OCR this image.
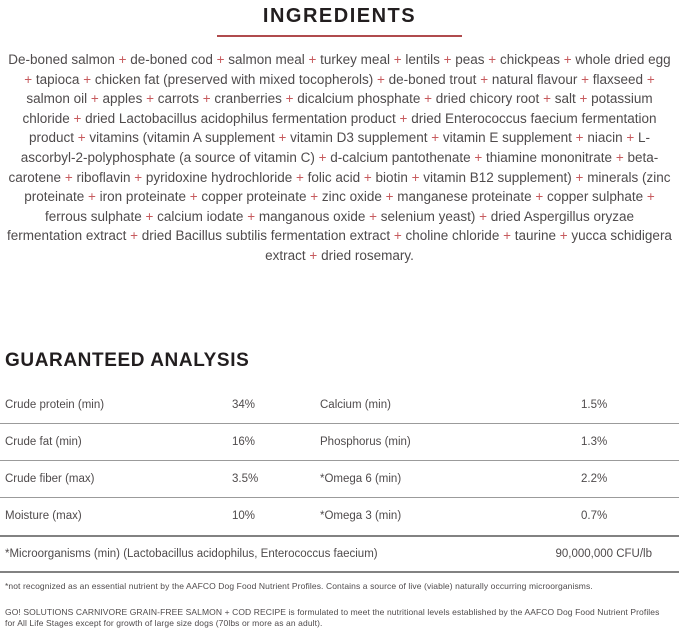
INGREDIENTS

De-boned salmon + de-boned cod + salmon meal + turkey meal + lentils + peas + chickpeas + whole dried egg + tapioca + chicken fat (preserved with mixed tocopherols) + de-boned trout + natural flavour + flaxseed + salmon oil + apples + carrots + cranberries + dicalcium phosphate + dried chicory root + salt + potassium chloride + dried Lactobacillus acidophilus fermentation product + dried Enterococcus faecium fermentation product + vitamins (vitamin A supplement + vitamin D3 supplement + vitamin E supplement + niacin + L-ascorbyl-2-polyphosphate (a source of vitamin C) + d-calcium pantothenate + thiamine mononitrate + beta-carotene + riboflavin + pyridoxine hydrochloride + folic acid + biotin + vitamin B12 supplement) + minerals (zinc proteinate + iron proteinate + copper proteinate + zinc oxide + manganese proteinate + copper sulphate + ferrous sulphate + calcium iodate + manganous oxide + selenium yeast) + dried Aspergillus oryzae fermentation extract + dried Bacillus subtilis fermentation extract + choline chloride + taurine + yucca schidigera extract + dried rosemary.

GUARANTEED ANALYSIS
Crude protein (min)	34%	Calcium (min)	1.5%
Crude fat (min)	16%	Phosphorus (min)	1.3%
Crude fiber (max)	3.5%	*Omega 6 (min)	2.2%
Moisture (max)	10%	*Omega 3 (min)	0.7%
*Microorganisms (min) (Lactobacillus acidophilus, Enterococcus faecium)	90,000,000 CFU/lb

*not recognized as an essential nutrient by the AAFCO Dog Food Nutrient Profiles. Contains a source of live (viable) naturally occurring microorganisms.

GO! SOLUTIONS CARNIVORE GRAIN-FREE SALMON + COD RECIPE is formulated to meet the nutritional levels established by the AAFCO Dog Food Nutrient Profiles for All Life Stages except for growth of large size dogs (70lbs or more as an adult).
